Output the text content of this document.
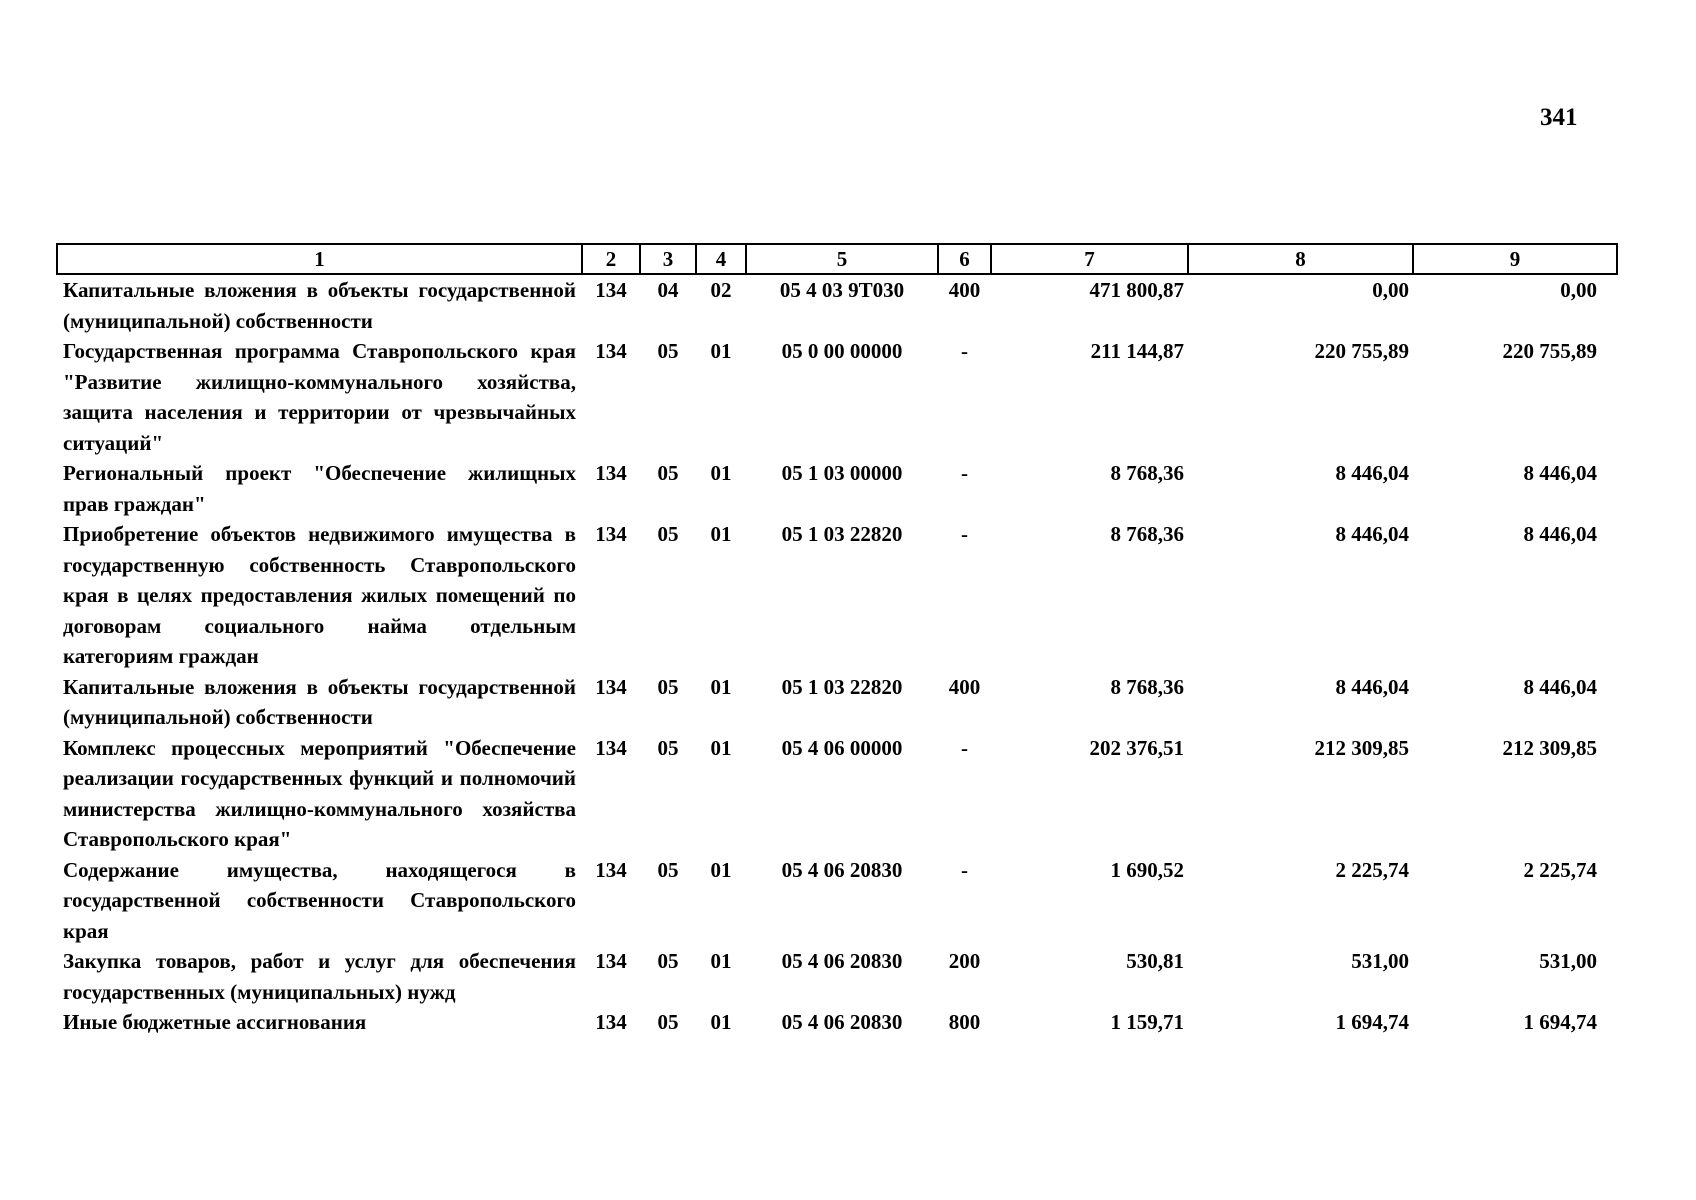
341
1	2	3	4	5	6	7	8	9
Капитальные вложения в объекты государственной (муниципальной) собственности	134	04	02	05 4 03 9Т030	400	471 800,87	0,00	0,00
Государственная программа Ставропольского края "Развитие жилищно-коммунального хозяйства, защита населения и территории от чрезвычайных ситуаций"	134	05	01	05 0 00 00000	-	211 144,87	220 755,89	220 755,89
Региональный проект "Обеспечение жилищных прав граждан"	134	05	01	05 1 03 00000	-	8 768,36	8 446,04	8 446,04
Приобретение объектов недвижимого имущества в государственную собственность Ставропольского края в целях предоставления жилых помещений по договорам социального найма отдельным категориям граждан	134	05	01	05 1 03 22820	-	8 768,36	8 446,04	8 446,04
Капитальные вложения в объекты государственной (муниципальной) собственности	134	05	01	05 1 03 22820	400	8 768,36	8 446,04	8 446,04
Комплекс процессных мероприятий "Обеспечение реализации государственных функций и полномочий министерства жилищно-коммунального хозяйства Ставропольского края"	134	05	01	05 4 06 00000	-	202 376,51	212 309,85	212 309,85
Содержание имущества, находящегося в государственной собственности Ставропольского края	134	05	01	05 4 06 20830	-	1 690,52	2 225,74	2 225,74
Закупка товаров, работ и услуг для обеспечения государственных (муниципальных) нужд	134	05	01	05 4 06 20830	200	530,81	531,00	531,00
Иные бюджетные ассигнования	134	05	01	05 4 06 20830	800	1 159,71	1 694,74	1 694,74
